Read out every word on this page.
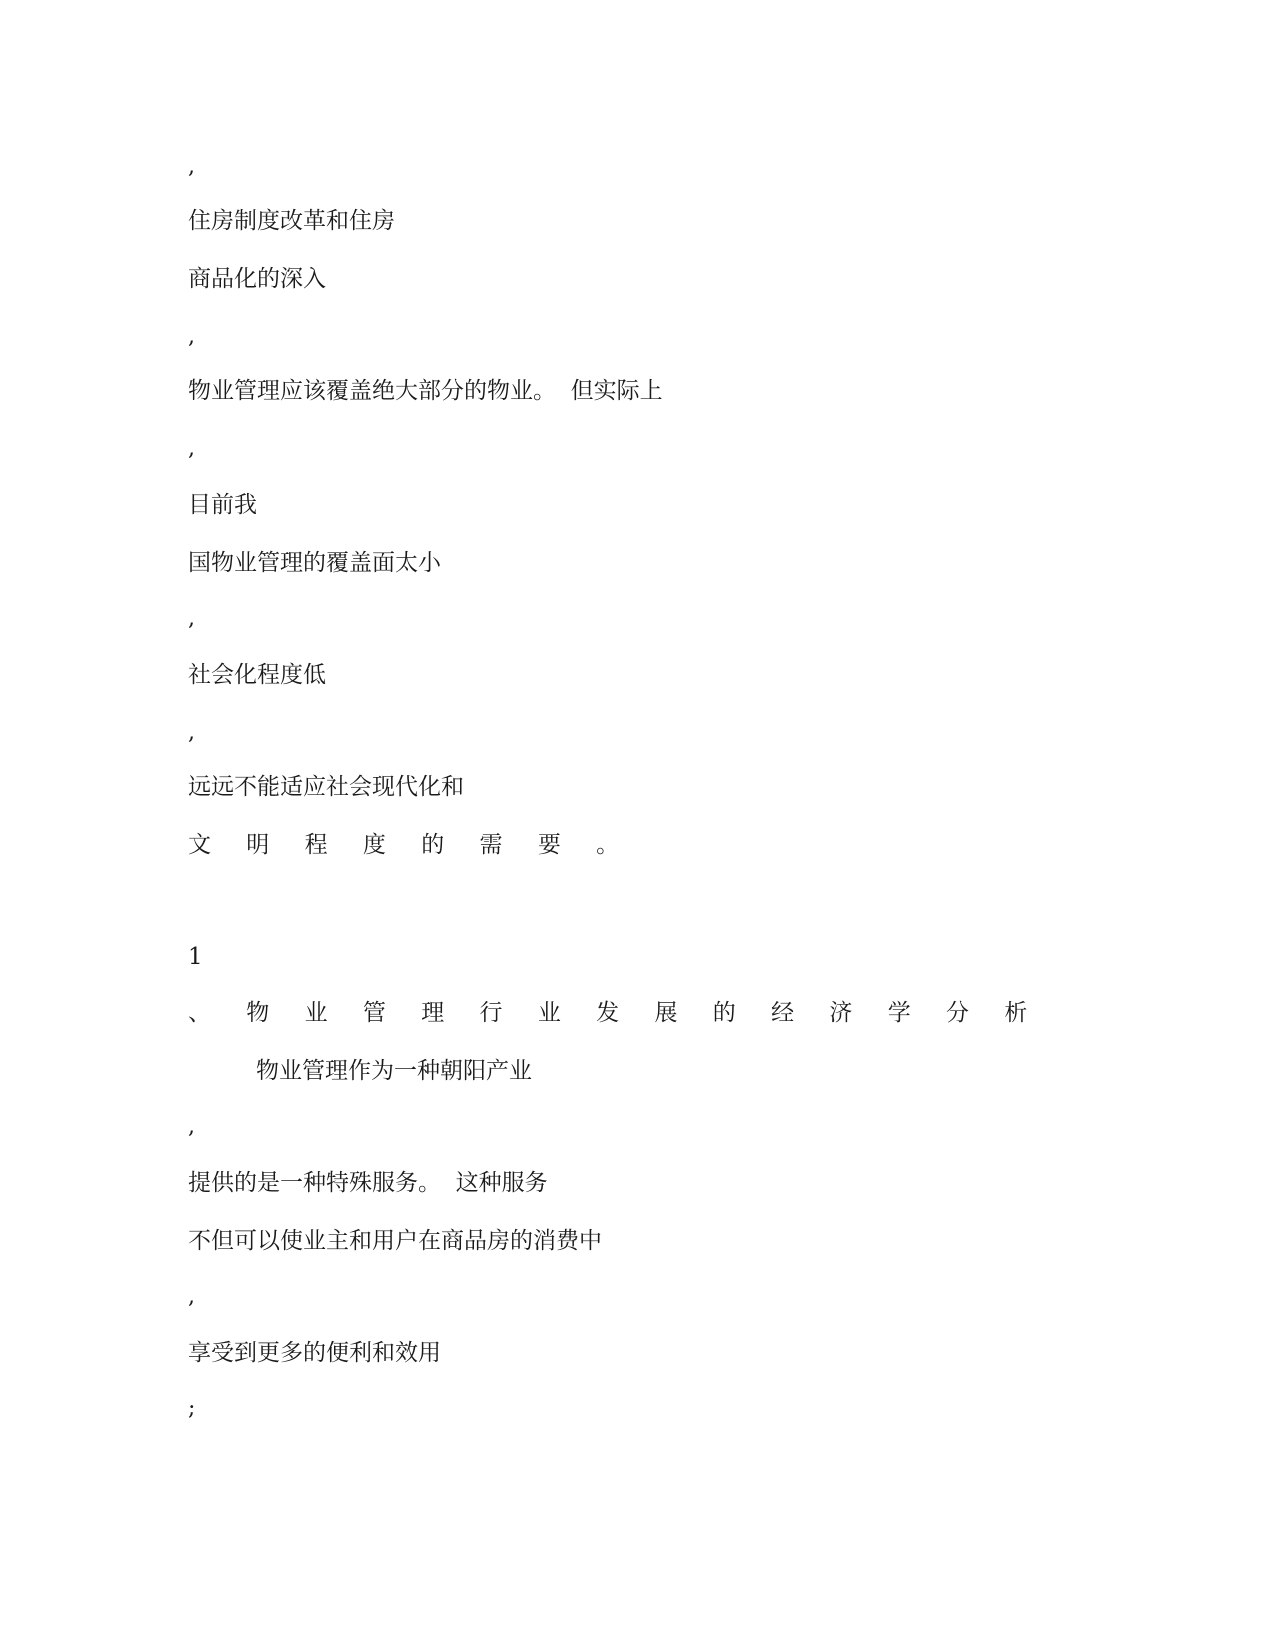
,
住房制度改革和住房
商品化的深入
,
物业管理应该覆盖绝大部分的物业。  但实际上
,
目前我
国物业管理的覆盖面太小
,
社会化程度低
,
远远不能适应社会现代化和
文 明 程 度 的 需 要 。
1
、 物 业 管 理 行 业 发 展 的 经 济 学 分 析
物业管理作为一种朝阳产业
,
提供的是一种特殊服务。  这种服务
不但可以使业主和用户在商品房的消费中
,
享受到更多的便利和效用
;
